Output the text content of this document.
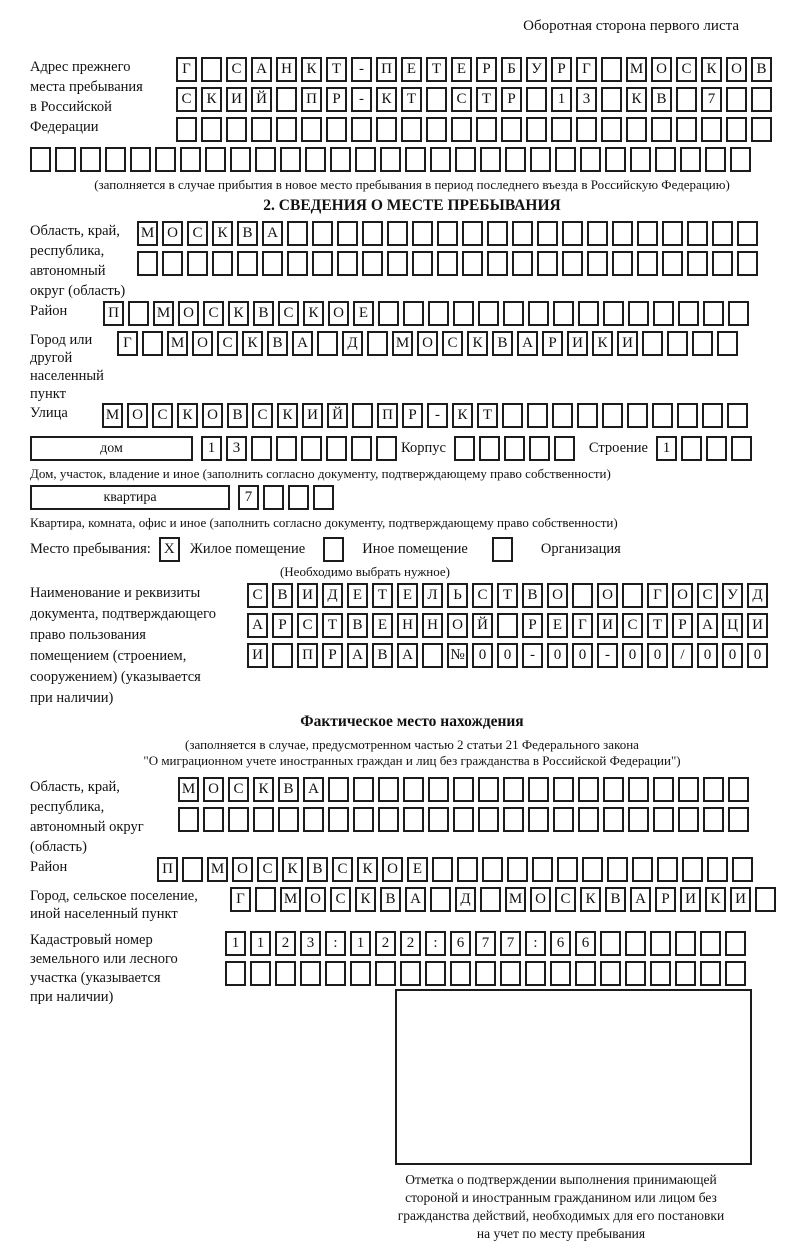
Оборотная сторона первого листа
Адрес прежнего
места пребывания
в Российской
Федерации
Г	С А Н К Т - П Е Т Е Р Б У Р Г	М О С К О В
С К И Й	П Р - К Т	С Т Р	1 3	К В	7
(заполняется в случае прибытия в новое место пребывания в период последнего въезда в Российскую Федерацию)
2. СВЕДЕНИЯ О МЕСТЕ ПРЕБЫВАНИЯ
Область, край,
республика,
автономный
округ (область)
М О С К В А
Район	П	М О С К В С К О Е
Город или другой
населенный пункт
Г	М О С К В А	Д	М О С К В А Р И К И
Улица	М О С К О В С К И Й	П Р - К Т
дом	1 3	Корпус	Строение 1
Дом, участок, владение и иное (заполнить согласно документу, подтверждающему право собственности)
квартира	7
Квартира, комната, офис и иное (заполнить согласно документу, подтверждающему право собственности)
Место пребывания: X	Жилое помещение	Иное помещение	Организация
(Необходимо выбрать нужное)
Наименование и реквизиты
документа, подтверждающего
право пользования
помещением (строением,
сооружением) (указывается
при наличии)
С В И Д Е Т Е Л Ь С Т В О	О	Г О С У Д
А Р С Т В Е Н Н О Й	Р Е Г И С Т Р А Ц И
И	П Р А В А № 0 0 - 0 0 - 0 0 / 0 0 0
Фактическое место нахождения
(заполняется в случае, предусмотренном частью 2 статьи 21 Федерального закона
"О миграционном учете иностранных граждан и лиц без гражданства в Российской Федерации")
Область, край,
республика,
автономный округ
(область)
М О С К В А
Район	П	М О С К В С К О Е
Город, сельское поселение,
иной населенный пункт
Г	М О С К В А	Д	М О С К В А Р И К И
Кадастровый номер
земельного или лесного
участка (указывается
при наличии)
1 1 2 3 : 1 2 2 : 6 7 7 : 6 6
Отметка о подтверждении выполнения принимающей
стороной и иностранным гражданином или лицом без
гражданства действий, необходимых для его постановки
на учет по месту пребывания
